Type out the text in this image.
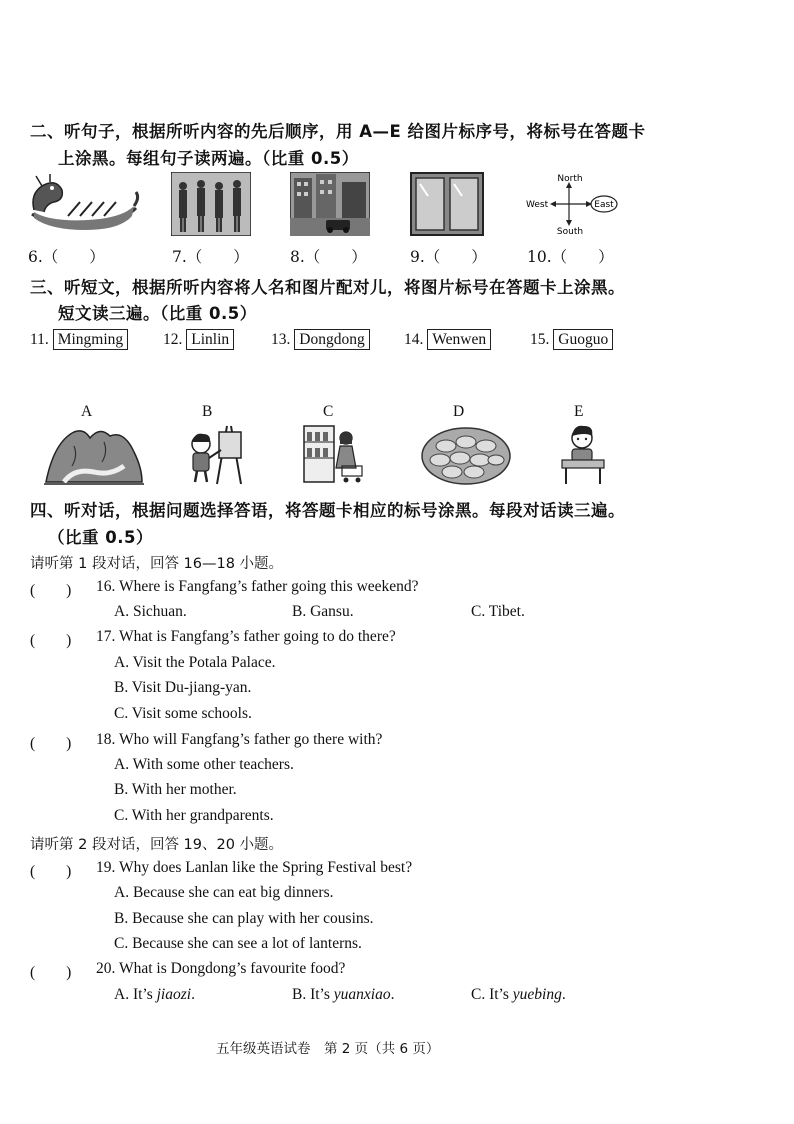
二、听句子，根据所听内容的先后顺序，用 A—E 给图片标序号，将标号在答题卡
上涂黑。每组句子读两遍。（比重 0.5）
6.（　　）	7.（　　）	8.（　　）	9.（　　）
North
South
West	East
10.（　　）
三、听短文，根据所听内容将人名和图片配对儿，将图片标号在答题卡上涂黑。
短文读三遍。（比重 0.5）
11. Mingming	12. Linlin	13. Dongdong	14. Wenwen	15. Guoguo
A	B	C	D	E
四、听对话，根据问题选择答语，将答题卡相应的标号涂黑。每段对话读三遍。
（比重 0.5）
请听第 1 段对话，回答 16—18 小题。
(　　) 16. Where is Fangfang’s father going this weekend?
A. Sichuan.	B. Gansu.	C. Tibet.
(　　) 17. What is Fangfang’s father going to do there?
A. Visit the Potala Palace.
B. Visit Du-jiang-yan.
C. Visit some schools.
(　　) 18. Who will Fangfang’s father go there with?
A. With some other teachers.
B. With her mother.
C. With her grandparents.
请听第 2 段对话，回答 19、20 小题。
(　　) 19. Why does Lanlan like the Spring Festival best?
A. Because she can eat big dinners.
B. Because she can play with her cousins.
C. Because she can see a lot of lanterns.
(　　) 20. What is Dongdong’s favourite food?
A. It’s jiaozi.	B. It’s yuanxiao.	C. It’s yuebing.
五年级英语试卷　第 2 页（共 6 页）
